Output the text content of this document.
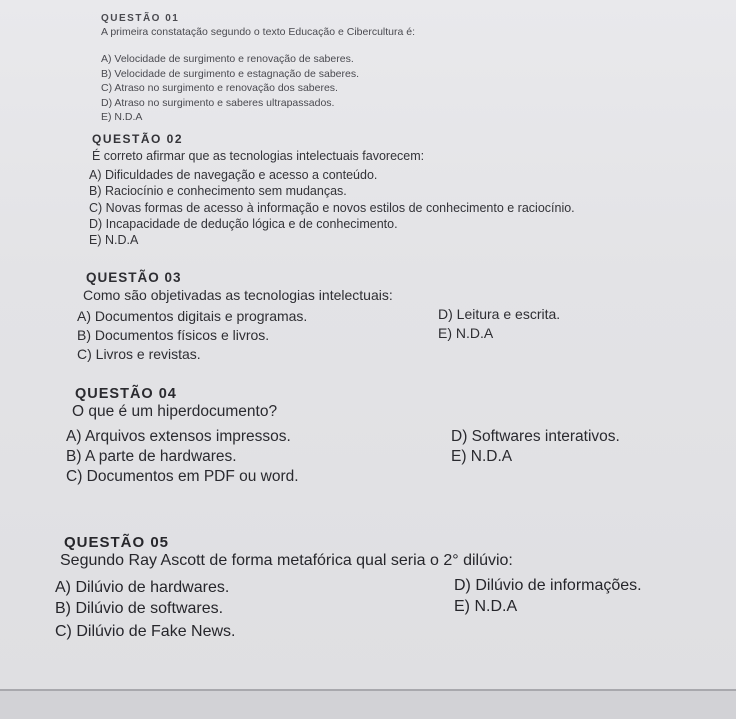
QUESTÃO 01
A primeira constatação segundo o texto Educação e Cibercultura é:
A) Velocidade de surgimento e renovação de saberes.
B) Velocidade de surgimento e estagnação de saberes.
C) Atraso no surgimento e renovação dos saberes.
D) Atraso no surgimento e saberes ultrapassados.
E) N.D.A
QUESTÃO 02
É correto afirmar que as tecnologias intelectuais favorecem:
A) Dificuldades de navegação e acesso a conteúdo.
B) Raciocínio e conhecimento sem mudanças.
C) Novas formas de acesso à informação e novos estilos de conhecimento e raciocínio.
D) Incapacidade de dedução lógica e de conhecimento.
E) N.D.A
QUESTÃO 03
Como são objetivadas as tecnologias intelectuais:
A) Documentos digitais e programas.
B) Documentos físicos e livros.
C) Livros e revistas.
D) Leitura e escrita.
E) N.D.A
QUESTÃO 04
O que é um hiperdocumento?
A) Arquivos extensos impressos.
B) A parte de hardwares.
C) Documentos em PDF ou word.
D) Softwares interativos.
E) N.D.A
QUESTÃO 05
Segundo Ray Ascott de forma metafórica qual seria o 2° dilúvio:
A) Dilúvio de hardwares.
B) Dilúvio de softwares.
C) Dilúvio de Fake News.
D) Dilúvio de informações.
E) N.D.A
